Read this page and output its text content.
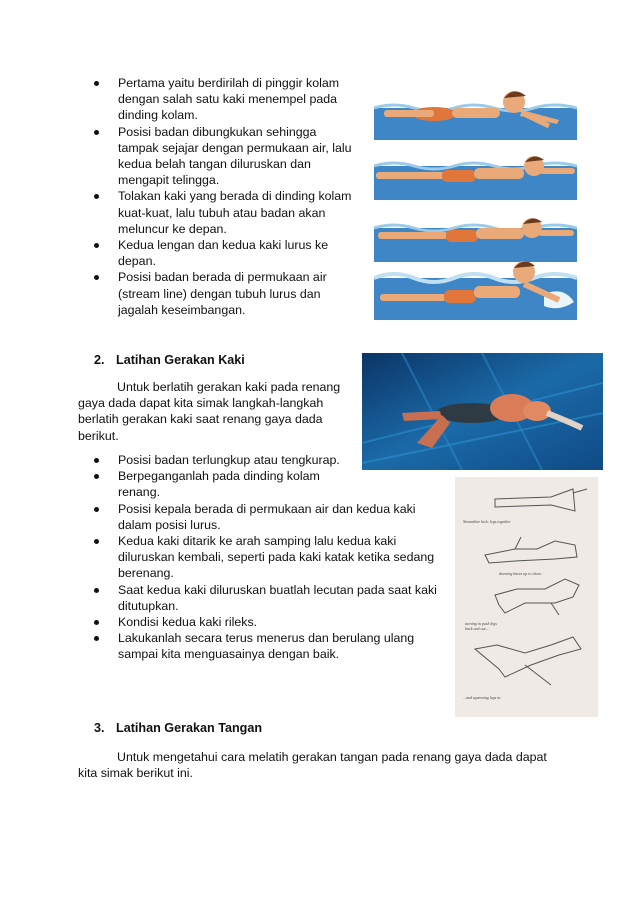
Pertama yaitu berdirilah di pinggir kolam dengan salah satu kaki menempel pada dinding kolam.
Posisi badan dibungkukan sehingga tampak sejajar dengan permukaan air, lalu kedua belah tangan diluruskan dan mengapit telingga.
Tolakan kaki yang berada di dinding kolam kuat-kuat, lalu tubuh atau badan akan meluncur ke depan.
Kedua lengan dan kedua kaki lurus ke depan.
Posisi badan berada di permukaan air (stream line) dengan tubuh lurus dan jagalah keseimbangan.
2. Latihan Gerakan Kaki
Untuk berlatih gerakan kaki pada renang gaya dada dapat kita simak langkah-langkah berlatih gerakan kaki saat renang gaya dada berikut.
Posisi badan terlungkup atau tengkurap.
Berpeganganlah pada dinding kolam renang.
Posisi kepala berada di permukaan air dan kedua kaki dalam posisi lurus.
Kedua kaki ditarik ke arah samping lalu kedua kaki diluruskan kembali, seperti pada kaki katak ketika sedang berenang.
Saat kedua kaki diluruskan buatlah lecutan pada saat kaki ditutupkan.
Kondisi kedua kaki rileks.
Lakukanlah secara terus menerus dan berulang ulang sampai kita menguasainya dengan baik.
Streamline kick: legs together
drawing knees up to chest...
turning in push legs back and out...
...and squeezing legs in.
3. Latihan Gerakan Tangan
Untuk mengetahui cara melatih gerakan tangan pada renang gaya dada dapat kita simak berikut ini.
